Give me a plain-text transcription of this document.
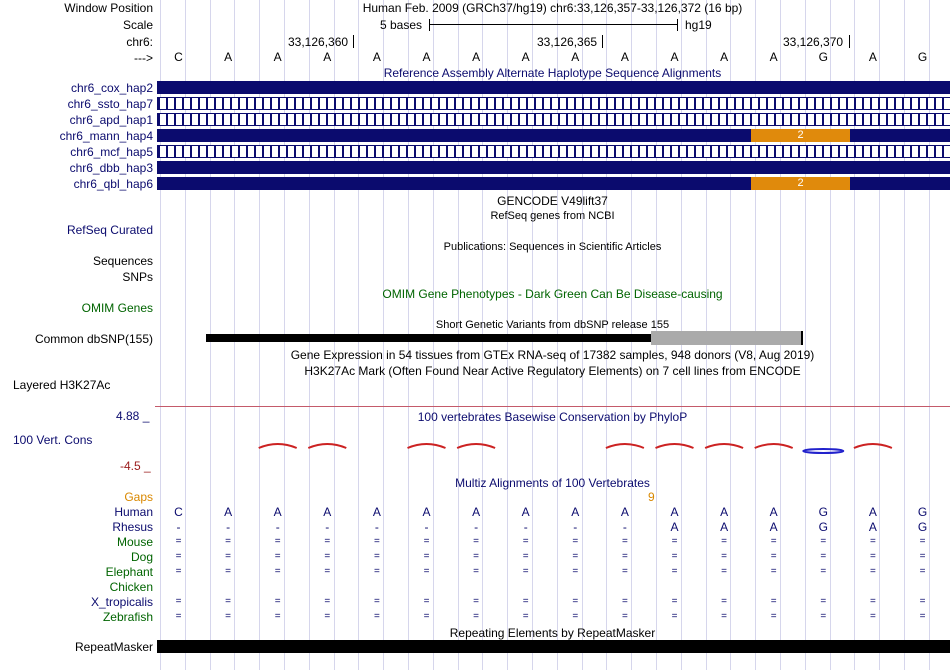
Window Position	Human Feb. 2009 (GRCh37/hg19) chr6:33,126,357-33,126,372 (16 bp)
Scale	5 bases	hg19
chr6:	33,126,360	33,126,365	33,126,370
--->	C	A	A	A	A	A	A	A	A	A	A	A	A	G	A	G
Reference Assembly Alternate Haplotype Sequence Alignments
chr6_cox_hap2
chr6_ssto_hap7
chr6_apd_hap1
chr6_mann_hap4
chr6_mcf_hap5
chr6_dbb_hap3
chr6_qbl_hap6
2
2
GENCODE V49lift37
RefSeq genes from NCBI
RefSeq Curated
Publications: Sequences in Scientific Articles
Sequences
SNPs
OMIM Gene Phenotypes - Dark Green Can Be Disease-causing
OMIM Genes
Short Genetic Variants from dbSNP release 155
Common dbSNP(155)
Gene Expression in 54 tissues from GTEx RNA-seq of 17382 samples, 948 donors (V8, Aug 2019)
H3K27Ac Mark (Often Found Near Active Regulatory Elements) on 7 cell lines from ENCODE
Layered H3K27Ac
4.88 _	100 vertebrates Basewise Conservation by PhyloP
100 Vert. Cons
-4.5 _
Multiz Alignments of 100 Vertebrates
Gaps	9
Human	C	A	A	A	A	A	A	A	A	A	A	A	A	G	A	G
Rhesus	-	-	-	-	-	-	-	-	-	-	A	A	A	G	A	G
Mouse	=	=	=	=	=	=	=	=	=	=	=	=	=	=	=	=
Dog	=	=	=	=	=	=	=	=	=	=	=	=	=	=	=	=
Elephant	=	=	=	=	=	=	=	=	=	=	=	=	=	=	=	=
Chicken
X_tropicalis	=	=	=	=	=	=	=	=	=	=	=	=	=	=	=	=
Zebrafish	=	=	=	=	=	=	=	=	=	=	=	=	=	=	=	=
Repeating Elements by RepeatMasker
RepeatMasker
